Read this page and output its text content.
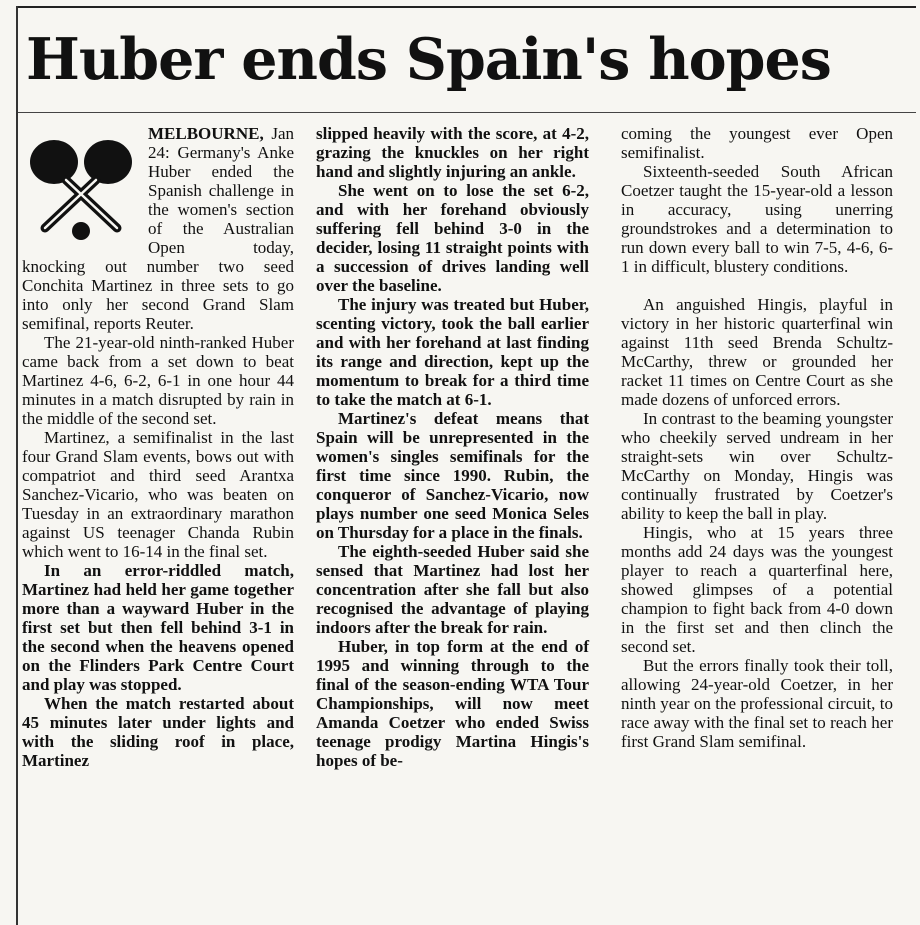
Huber ends Spain's hopes

MELBOURNE, Jan 24: Germany's Anke Huber ended the Spanish challenge in the women's section of the Australian Open today, knocking out number two seed Conchita Martinez in three sets to go into only her second Grand Slam semifinal, reports Reuter.

The 21-year-old ninth-ranked Huber came back from a set down to beat Martinez 4-6, 6-2, 6-1 in one hour 44 minutes in a match disrupted by rain in the middle of the second set.

Martinez, a semifinalist in the last four Grand Slam events, bows out with compatriot and third seed Arantxa Sanchez-Vicario, who was beaten on Tuesday in an extraordinary marathon against US teenager Chanda Rubin which went to 16-14 in the final set.

In an error-riddled match, Martinez had held her game together more than a wayward Huber in the first set but then fell behind 3-1 in the second when the heavens opened on the Flinders Park Centre Court and play was stopped.

When the match restarted about 45 minutes later under lights and with the sliding roof in place, Martinez

slipped heavily with the score, at 4-2, grazing the knuckles on her right hand and slightly injuring an ankle.

She went on to lose the set 6-2, and with her forehand obviously suffering fell behind 3-0 in the decider, losing 11 straight points with a succession of drives landing well over the baseline.

The injury was treated but Huber, scenting victory, took the ball earlier and with her forehand at last finding its range and direction, kept up the momentum to break for a third time to take the match at 6-1.

Martinez's defeat means that Spain will be unrepresented in the women's singles semifinals for the first time since 1990. Rubin, the conqueror of Sanchez-Vicario, now plays number one seed Monica Seles on Thursday for a place in the finals.

The eighth-seeded Huber said she sensed that Martinez had lost her concentration after she fall but also recognised the advantage of playing indoors after the break for rain.

Huber, in top form at the end of 1995 and winning through to the final of the season-ending WTA Tour Championships, will now meet Amanda Coetzer who ended Swiss teenage prodigy Martina Hingis's hopes of be-

coming the youngest ever Open semifinalist.

Sixteenth-seeded South African Coetzer taught the 15-year-old a lesson in accuracy, using unerring groundstrokes and a determination to run down every ball to win 7-5, 4-6, 6-1 in difficult, blustery conditions.

An anguished Hingis, playful in victory in her historic quarterfinal win against 11th seed Brenda Schultz-McCarthy, threw or grounded her racket 11 times on Centre Court as she made dozens of unforced errors.

In contrast to the beaming youngster who cheekily served undream in her straight-sets win over Schultz-McCarthy on Monday, Hingis was continually frustrated by Coetzer's ability to keep the ball in play.

Hingis, who at 15 years three months add 24 days was the youngest player to reach a quarterfinal here, showed glimpses of a potential champion to fight back from 4-0 down in the first set and then clinch the second set.

But the errors finally took their toll, allowing 24-year-old Coetzer, in her ninth year on the professional circuit, to race away with the final set to reach her first Grand Slam semifinal.
